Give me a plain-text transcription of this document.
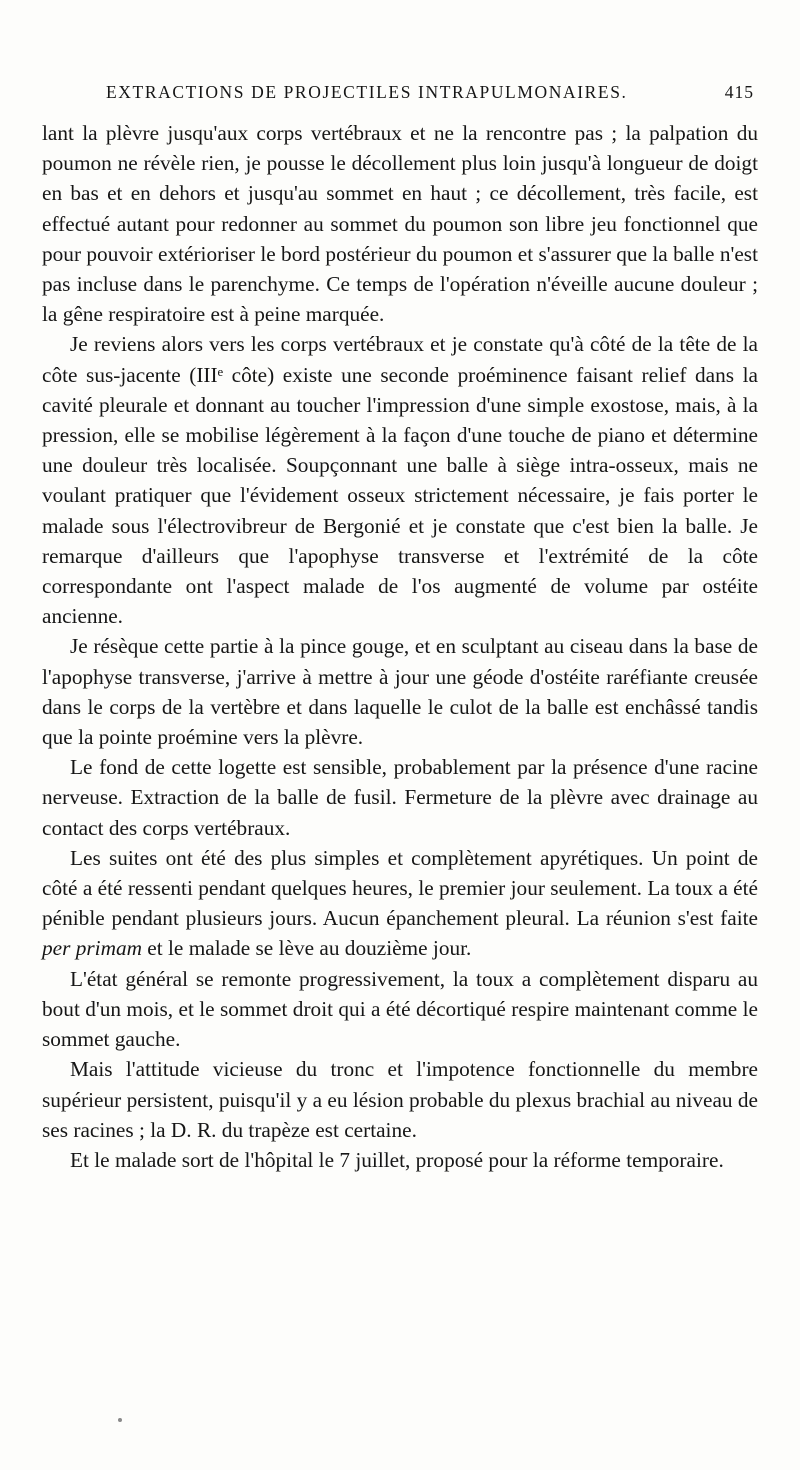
EXTRACTIONS DE PROJECTILES INTRAPULMONAIRES.	415

lant la plèvre jusqu'aux corps vertébraux et ne la rencontre pas ; la palpation du poumon ne révèle rien, je pousse le décollement plus loin jusqu'à longueur de doigt en bas et en dehors et jusqu'au sommet en haut ; ce décollement, très facile, est effectué autant pour redonner au sommet du poumon son libre jeu fonctionnel que pour pouvoir extérioriser le bord postérieur du poumon et s'assurer que la balle n'est pas incluse dans le parenchyme. Ce temps de l'opération n'éveille aucune douleur ; la gêne respiratoire est à peine marquée.

Je reviens alors vers les corps vertébraux et je constate qu'à côté de la tête de la côte sus-jacente (IIIᵉ côte) existe une seconde proéminence faisant relief dans la cavité pleurale et donnant au toucher l'impression d'une simple exostose, mais, à la pression, elle se mobilise légèrement à la façon d'une touche de piano et détermine une douleur très localisée. Soupçonnant une balle à siège intra-osseux, mais ne voulant pratiquer que l'évidement osseux strictement nécessaire, je fais porter le malade sous l'électrovibreur de Bergonié et je constate que c'est bien la balle. Je remarque d'ailleurs que l'apophyse transverse et l'extrémité de la côte correspondante ont l'aspect malade de l'os augmenté de volume par ostéite ancienne.

Je résèque cette partie à la pince gouge, et en sculptant au ciseau dans la base de l'apophyse transverse, j'arrive à mettre à jour une géode d'ostéite raréfiante creusée dans le corps de la vertèbre et dans laquelle le culot de la balle est enchâssé tandis que la pointe proémine vers la plèvre.

Le fond de cette logette est sensible, probablement par la présence d'une racine nerveuse. Extraction de la balle de fusil. Fermeture de la plèvre avec drainage au contact des corps vertébraux.

Les suites ont été des plus simples et complètement apyrétiques. Un point de côté a été ressenti pendant quelques heures, le premier jour seulement. La toux a été pénible pendant plusieurs jours. Aucun épanchement pleural. La réunion s'est faite per primam et le malade se lève au douzième jour.

L'état général se remonte progressivement, la toux a complètement disparu au bout d'un mois, et le sommet droit qui a été décortiqué respire maintenant comme le sommet gauche.

Mais l'attitude vicieuse du tronc et l'impotence fonctionnelle du membre supérieur persistent, puisqu'il y a eu lésion probable du plexus brachial au niveau de ses racines ; la D. R. du trapèze est certaine.

Et le malade sort de l'hôpital le 7 juillet, proposé pour la réforme temporaire.
